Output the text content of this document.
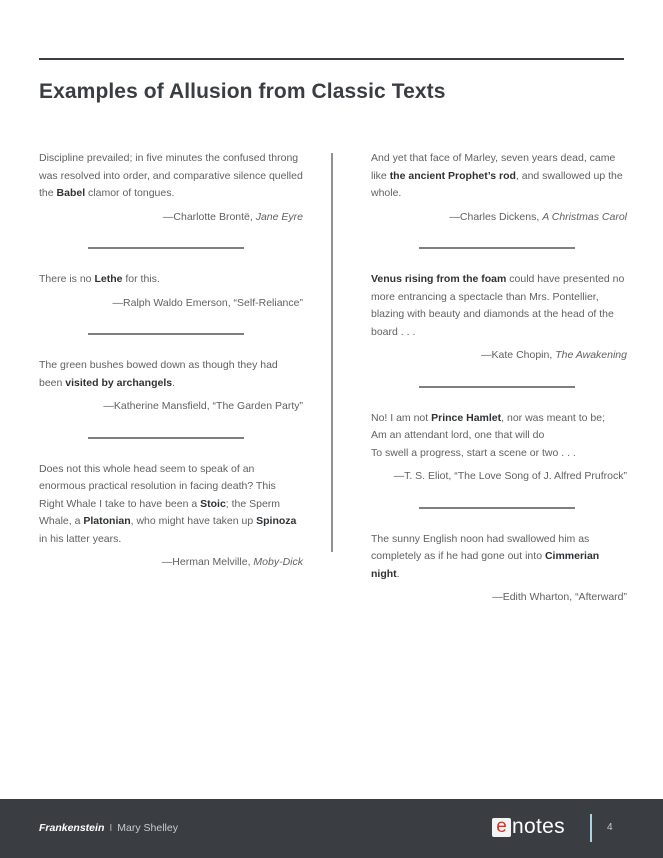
Examples of Allusion from Classic Texts

Discipline prevailed; in five minutes the confused throng was resolved into order, and comparative silence quelled the Babel clamor of tongues.

—Charlotte Brontë, Jane Eyre

There is no Lethe for this.

—Ralph Waldo Emerson, “Self-Reliance”

The green bushes bowed down as though they had been visited by archangels.

—Katherine Mansfield, “The Garden Party”

Does not this whole head seem to speak of an enormous practical resolution in facing death? This Right Whale I take to have been a Stoic; the Sperm Whale, a Platonian, who might have taken up Spinoza in his latter years.

—Herman Melville, Moby-Dick

And yet that face of Marley, seven years dead, came like the ancient Prophet’s rod, and swallowed up the whole.

—Charles Dickens, A Christmas Carol

Venus rising from the foam could have presented no more entrancing a spectacle than Mrs. Pontellier, blazing with beauty and diamonds at the head of the board . . .

—Kate Chopin, The Awakening

No! I am not Prince Hamlet, nor was meant to be;
Am an attendant lord, one that will do
To swell a progress, start a scene or two . . .

—T. S. Eliot, “The Love Song of J. Alfred Prufrock”

The sunny English noon had swallowed him as completely as if he had gone out into Cimmerian night.

—Edith Wharton, “Afterward”

Frankenstein I Mary Shelley	e notes	4
